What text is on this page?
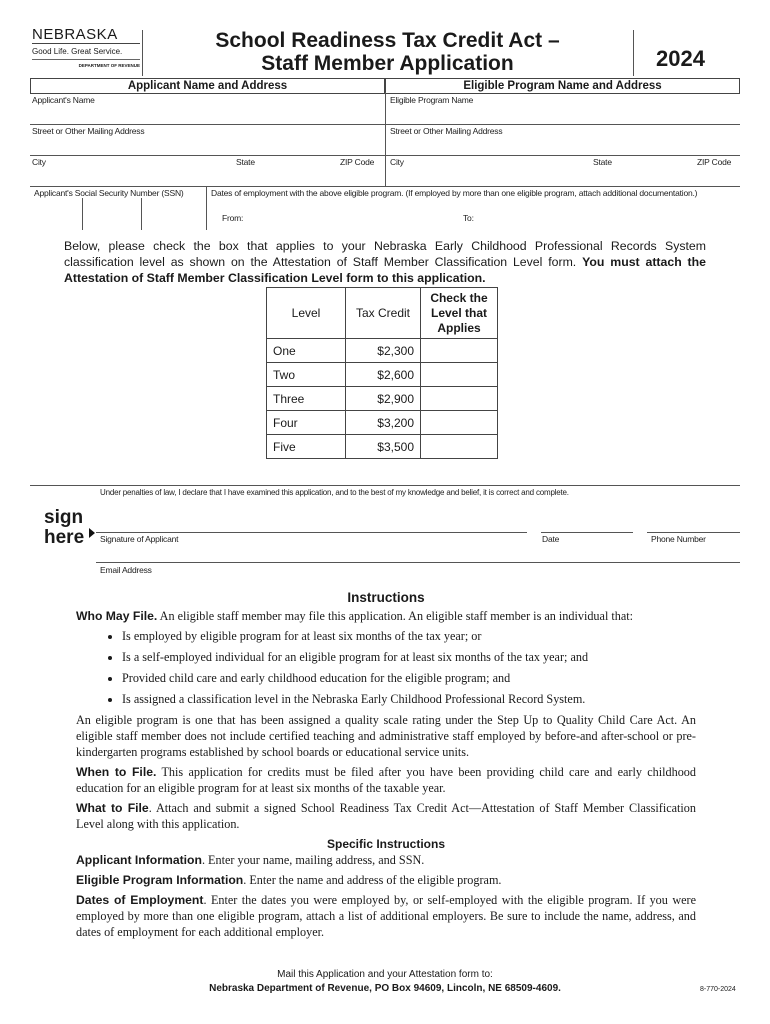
NEBRASKA
Good Life. Great Service.
DEPARTMENT OF REVENUE
School Readiness Tax Credit Act –
Staff Member Application	2024
Applicant Name and Address	Eligible Program Name and Address
Applicant's Name
Street or Other Mailing Address
City	State	ZIP Code
Eligible Program Name
Street or Other Mailing Address
City	State	ZIP Code
Applicant's Social Security Number (SSN)	Dates of employment with the above eligible program. (If employed by more than one eligible program, attach additional documentation.)
From:	To:
Below, please check the box that applies to your Nebraska Early Childhood Professional Records System classification level as shown on the Attestation of Staff Member Classification Level form. You must attach the Attestation of Staff Member Classification Level form to this application.
Level	Tax Credit	Check the Level that Applies
One	$2,300	
Two	$2,600	
Three	$2,900	
Four	$3,200	
Five	$3,500	
Under penalties of law, I declare that I have examined this application, and to the best of my knowledge and belief, it is correct and complete.
sign
here Signature of Applicant	Date	Phone Number
Email Address
Instructions

Who May File. An eligible staff member may file this application. An eligible staff member is an individual that:

• Is employed by eligible program for at least six months of the tax year; or
• Is a self-employed individual for an eligible program for at least six months of the tax year; and
• Provided child care and early childhood education for the eligible program; and
• Is assigned a classification level in the Nebraska Early Childhood Professional Record System.

An eligible program is one that has been assigned a quality scale rating under the Step Up to Quality Child Care Act. An eligible staff member does not include certified teaching and administrative staff employed by before-and after-school or pre-kindergarten programs established by school boards or educational service units.

When to File. This application for credits must be filed after you have been providing child care and early childhood education for an eligible program for at least six months of the taxable year.

What to File. Attach and submit a signed School Readiness Tax Credit Act—Attestation of Staff Member Classification Level along with this application.

Specific Instructions

Applicant Information. Enter your name, mailing address, and SSN.

Eligible Program Information. Enter the name and address of the eligible program.

Dates of Employment. Enter the dates you were employed by, or self-employed with the eligible program. If you were employed by more than one eligible program, attach a list of additional employers. Be sure to include the name, address, and dates of employment for each additional employer.

Mail this Application and your Attestation form to:
Nebraska Department of Revenue, PO Box 94609, Lincoln, NE 68509-4609.	8-770-2024
